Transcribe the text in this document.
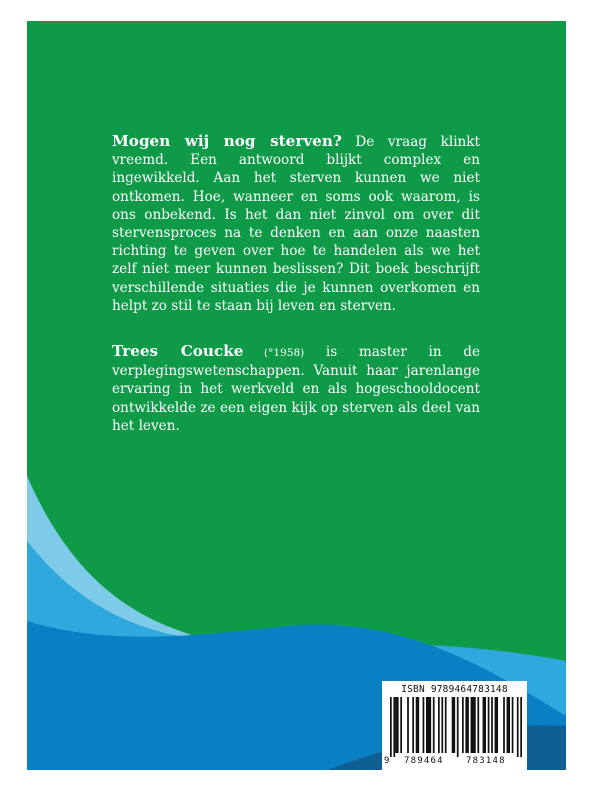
Mogen wij nog sterven? De vraag klinkt vreemd. Een antwoord blijkt complex en ingewikkeld. Aan het sterven kunnen we niet ontkomen. Hoe, wanneer en soms ook waarom, is ons onbekend. Is het dan niet zinvol om over dit stervensproces na te denken en aan onze naasten richting te geven over hoe te handelen als we het zelf niet meer kunnen beslissen? Dit boek beschrijft verschillende situaties die je kunnen overkomen en helpt zo stil te staan bij leven en sterven.

Trees Coucke (°1958) is master in de verplegingswetenschappen. Vanuit haar jarenlange ervaring in het werkveld en als hogeschooldocent ontwikkelde ze een eigen kijk op sterven als deel van het leven.

ISBN 9789464783148
9 789464 783148
